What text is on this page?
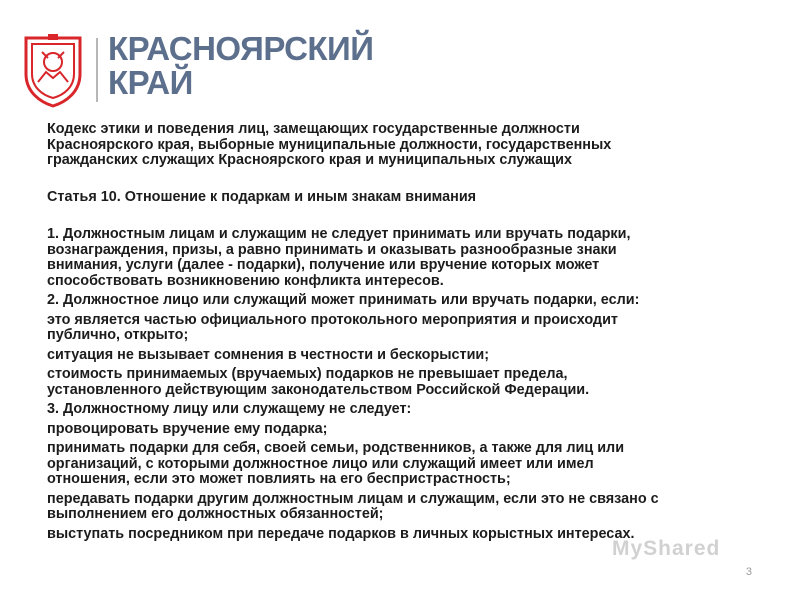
КРАСНОЯРСКИЙ
КРАЙ

Кодекс этики и поведения лиц, замещающих государственные должности
Красноярского края, выборные муниципальные должности, государственных
гражданских служащих Красноярского края и муниципальных служащих

Статья 10. Отношение к подаркам и иным знакам внимания

1. Должностным лицам и служащим не следует принимать или вручать подарки,
вознаграждения, призы, а равно принимать и оказывать разнообразные знаки
внимания, услуги (далее - подарки), получение или вручение которых может
способствовать возникновению конфликта интересов.

2. Должностное лицо или служащий может принимать или вручать подарки, если:

это является частью официального протокольного мероприятия и происходит
публично, открыто;

ситуация не вызывает сомнения в честности и бескорыстии;

стоимость принимаемых (вручаемых) подарков не превышает предела,
установленного действующим законодательством Российской Федерации.

3. Должностному лицу или служащему не следует:

провоцировать вручение ему подарка;

принимать подарки для себя, своей семьи, родственников, а также для лиц или
организаций, с которыми должностное лицо или служащий имеет или имел
отношения, если это может повлиять на его беспристрастность;

передавать подарки другим должностным лицам и служащим, если это не связано с
выполнением его должностных обязанностей;

выступать посредником при передаче подарков в личных корыстных интересах.

MyShared
3
